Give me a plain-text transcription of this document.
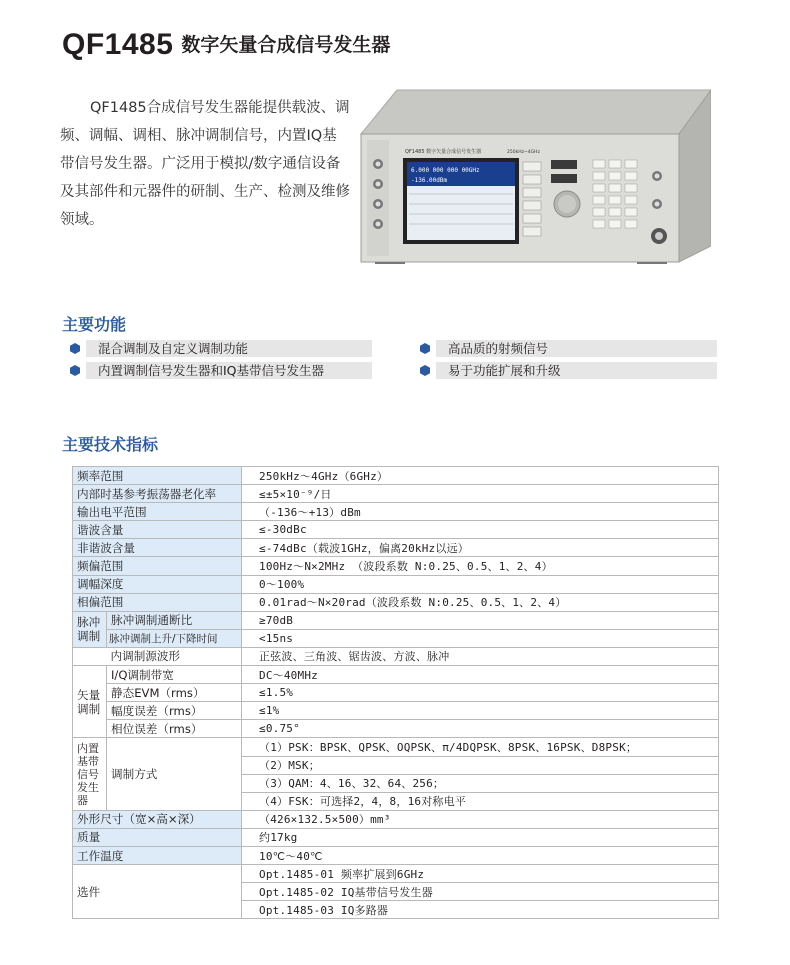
QF1485 数字矢量合成信号发生器

QF1485合成信号发生器能提供载波、调频、调幅、调相、脉冲调制信号，内置IQ基带信号发生器。广泛用于模拟/数字通信设备及其部件和元器件的研制、生产、检测及维修领域。

QF1485 数字矢量合成信号发生器	250kHz~4GHz
6.000 000 000 00GHz
-136.00dBm
主要功能
混合调制及自定义调制功能
内置调制信号发生器和IQ基带信号发生器
高品质的射频信号
易于功能扩展和升级
主要技术指标
频率范围		250kHz～4GHz（6GHz）
内部时基参考振荡器老化率		≤±5×10⁻⁹/日
输出电平范围		（-136～+13）dBm
谐波含量		≤-30dBc
非谐波含量		≤-74dBc（载波1GHz，偏离20kHz以远）
频偏范围		100Hz～N×2MHz （波段系数 N:0.25、0.5、1、2、4）
调幅深度		0～100%
相偏范围		0.01rad～N×20rad（波段系数 N:0.25、0.5、1、2、4）
脉冲调制	脉冲调制通断比	≥70dB
	脉冲调制上升/下降时间	<15ns
	内调制源波形	正弦波、三角波、锯齿波、方波、脉冲
矢量调制	I/Q调制带宽	DC～40MHz
	静态EVM（rms）	≤1.5%
	幅度误差（rms）	≤1%
	相位误差（rms）	≤0.75°
内置基带信号发生器	调制方式	（1）PSK：BPSK、QPSK、OQPSK、π/4DQPSK、8PSK、16PSK、D8PSK；
		（2）MSK；
		（3）QAM：4、16、32、64、256；
		（4）FSK：可选择2，4，8，16对称电平
外形尺寸（宽×高×深）		（426×132.5×500）mm³
质量		约17kg
工作温度		10℃～40℃
选件		Opt.1485-01 频率扩展到6GHz
		Opt.1485-02 IQ基带信号发生器
		Opt.1485-03 IQ多路器
